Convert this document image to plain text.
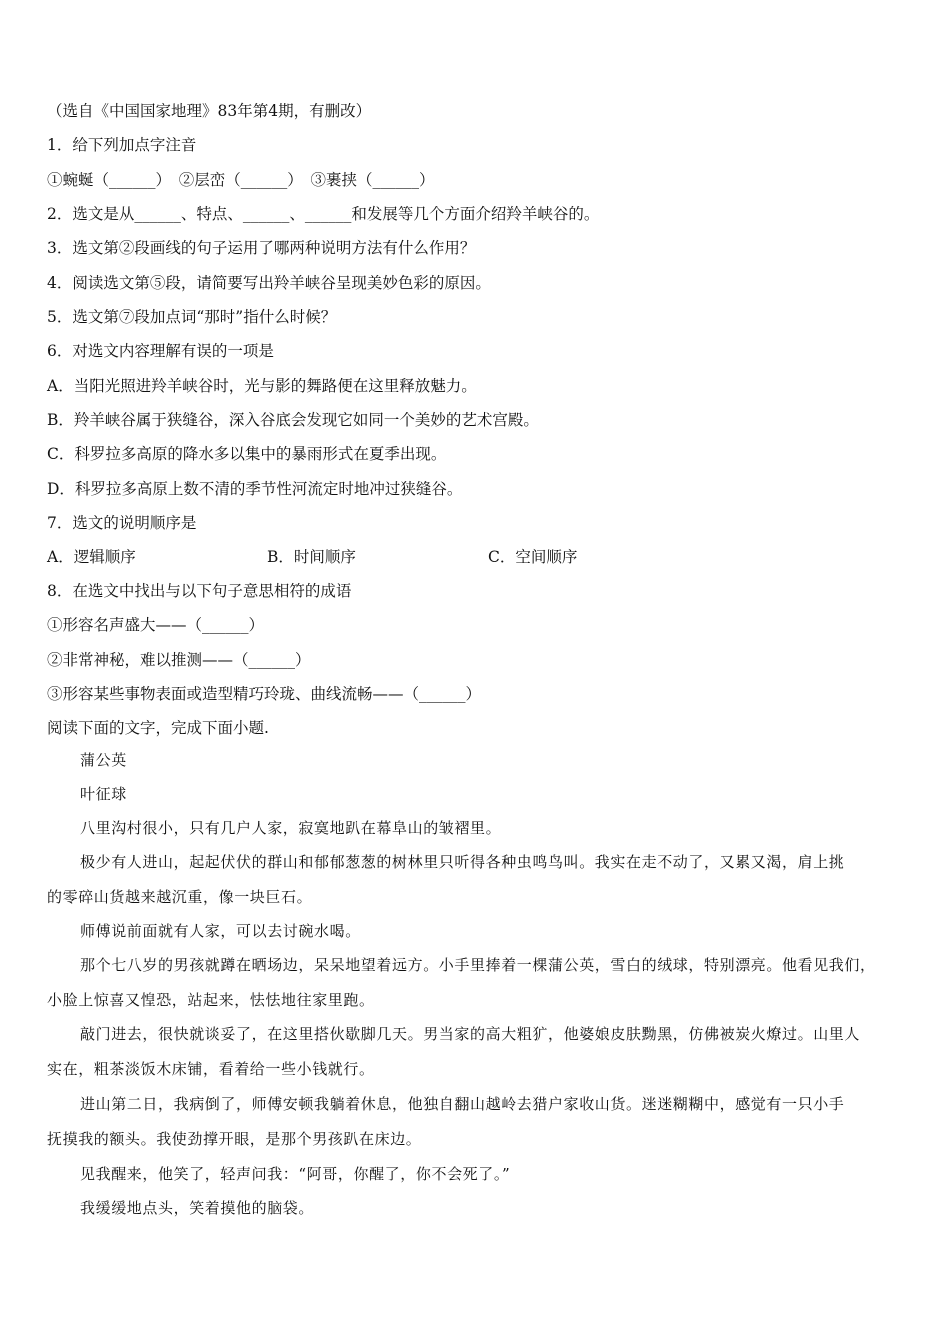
（选自《中国国家地理》83年第4期，有删改）
1．给下列加点字注音
①蜿蜒（______）　②层峦（______）　③裹挟（______）
2．选文是从______、特点、______、______和发展等几个方面介绍羚羊峡谷的。
3．选文第②段画线的句子运用了哪两种说明方法有什么作用？
4．阅读选文第⑤段，请简要写出羚羊峡谷呈现美妙色彩的原因。
5．选文第⑦段加点词“那时”指什么时候？
6．对选文内容理解有误的一项是
A．当阳光照进羚羊峡谷时，光与影的舞路便在这里释放魅力。
B．羚羊峡谷属于狭缝谷，深入谷底会发现它如同一个美妙的艺术宫殿。
C．科罗拉多高原的降水多以集中的暴雨形式在夏季出现。
D．科罗拉多高原上数不清的季节性河流定时地冲过狭缝谷。
7．选文的说明顺序是
A．逻辑顺序	B．时间顺序	C．空间顺序
8．在选文中找出与以下句子意思相符的成语
①形容名声盛大——（______）
②非常神秘，难以推测——（______）
③形容某些事物表面或造型精巧玲珑、曲线流畅——（______）
阅读下面的文字，完成下面小题.
蒲公英
叶征球
八里沟村很小，只有几户人家，寂寞地趴在幕阜山的皱褶里。
极少有人进山，起起伏伏的群山和郁郁葱葱的树林里只听得各种虫鸣鸟叫。我实在走不动了，又累又渴，肩上挑
的零碎山货越来越沉重，像一块巨石。
师傅说前面就有人家，可以去讨碗水喝。
那个七八岁的男孩就蹲在晒场边，呆呆地望着远方。小手里捧着一棵蒲公英，雪白的绒球，特别漂亮。他看见我们，
小脸上惊喜又惶恐，站起来，怯怯地往家里跑。
敲门进去，很快就谈妥了，在这里搭伙歇脚几天。男当家的高大粗犷，他婆娘皮肤黝黑，仿佛被炭火燎过。山里人
实在，粗茶淡饭木床铺，看着给一些小钱就行。
进山第二日，我病倒了，师傅安顿我躺着休息，他独自翻山越岭去猎户家收山货。迷迷糊糊中，感觉有一只小手
抚摸我的额头。我使劲撑开眼，是那个男孩趴在床边。
见我醒来，他笑了，轻声问我：“阿哥，你醒了，你不会死了。”
我缓缓地点头，笑着摸他的脑袋。
